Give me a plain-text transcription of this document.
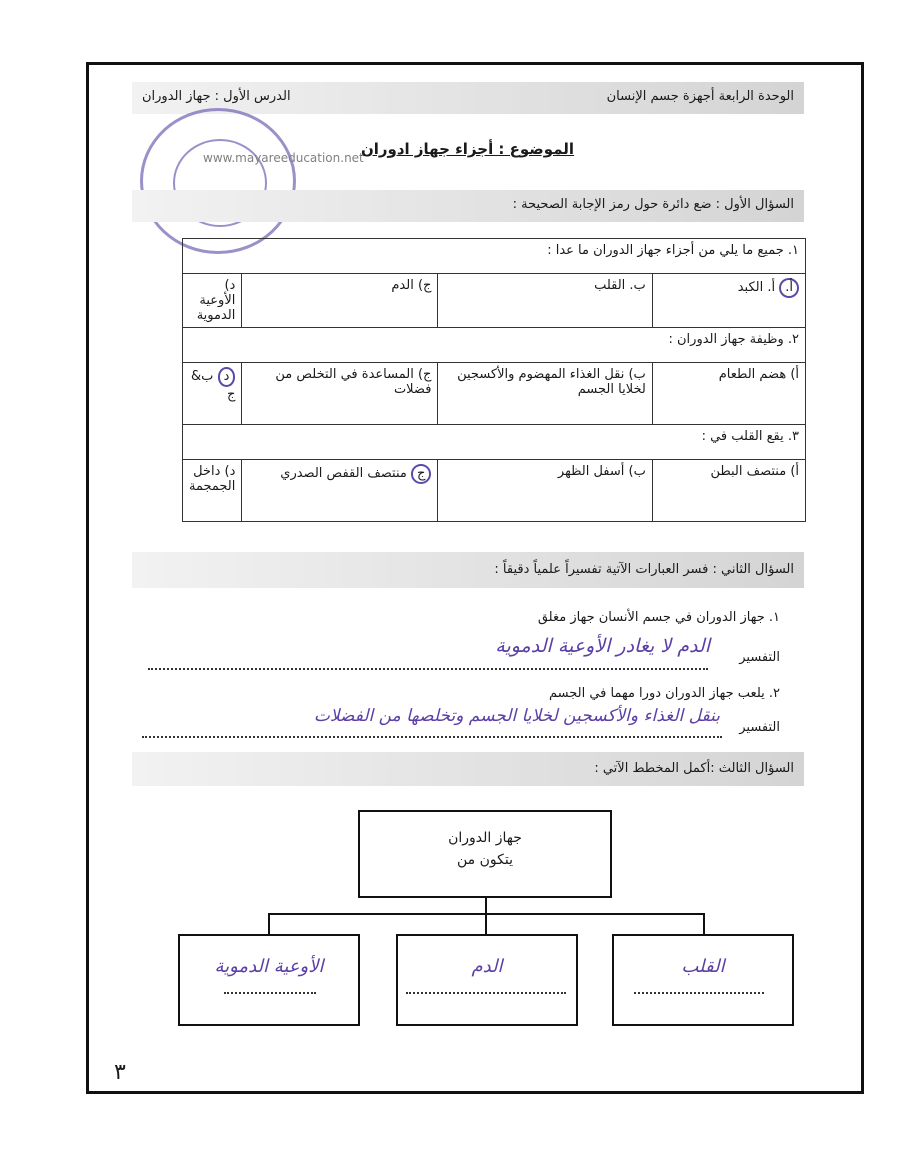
الوحدة الرابعة أجهزة جسم الإنسان
الدرس الأول : جهاز الدوران
www.mayareeducation.net
الموضوع : أجزاء جهاز ادوران
السؤال الأول : ضع دائرة حول رمز الإجابة الصحيحة :
١. جميع ما يلي من أجزاء جهاز الدوران ما عدا :			
أ. أ. الكبد	ب. القلب	ج) الدم	د) الأوعية الدموية
٢. وظيفة جهاز الدوران :			
أ) هضم الطعام	ب) نقل الغذاء المهضوم والأكسجين لخلايا الجسم	ج) المساعدة في التخلص من فضلات	د ب& ج
٣. يقع القلب في :			
أ) منتصف البطن	ب) أسفل الظهر	ج منتصف القفص الصدري	د) داخل الجمجمة
السؤال الثاني : فسر العبارات الآتية تفسيراً علمياً دقيقاً :
١. جهاز الدوران في جسم الأنسان جهاز مغلق
التفسير
الدم لا يغادر الأوعية الدموية
٢. يلعب جهاز الدوران دورا مهما في الجسم
التفسير
بنقل الغذاء والأكسجين لخلايا الجسم وتخلصها من الفضلات
السؤال الثالث :أكمل المخطط الآتي :
جهاز الدوران
يتكون من
الأوعية الدموية	الدم	القلب
٣
